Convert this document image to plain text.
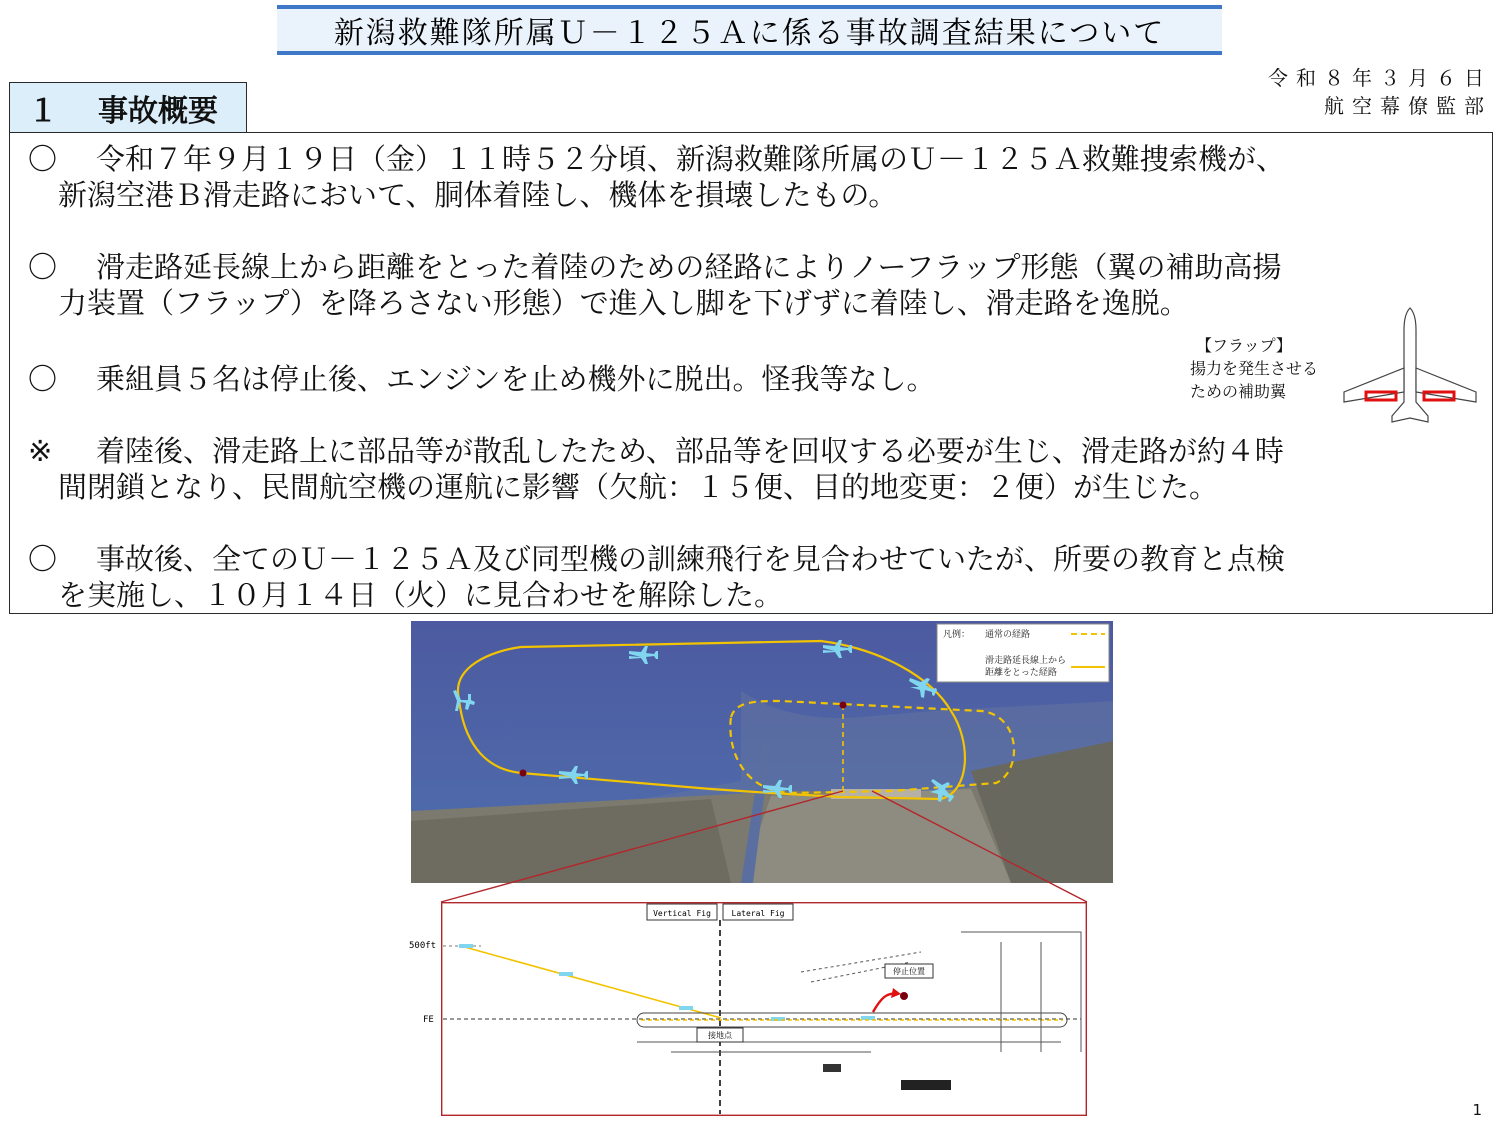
新潟救難隊所属Ｕ－１２５Ａに係る事故調査結果について
令和８年３月６日
航空幕僚監部
１ 事故概要
〇 令和７年９月１９日（金）１１時５２分頃、新潟救難隊所属のＵ－１２５Ａ救難捜索機が、
新潟空港Ｂ滑走路において、胴体着陸し、機体を損壊したもの。
〇 滑走路延長線上から距離をとった着陸のための経路によりノーフラップ形態（翼の補助高揚
力装置（フラップ）を降ろさない形態）で進入し脚を下げずに着陸し、滑走路を逸脱。
〇 乗組員５名は停止後、エンジンを止め機外に脱出。怪我等なし。
※ 着陸後、滑走路上に部品等が散乱したため、部品等を回収する必要が生じ、滑走路が約４時
間閉鎖となり、民間航空機の運航に影響（欠航：１５便、目的地変更：２便）が生じた。
〇 事故後、全てのＵ－１２５Ａ及び同型機の訓練飛行を見合わせていたが、所要の教育と点検
を実施し、１０月１４日（火）に見合わせを解除した。
【フラップ】
揚力を発生させる
ための補助翼
凡例： 通常の経路
滑走路延長線上から
距離をとった経路
Vertical Fig	Lateral Fig
500ft
FE
接地点
停止位置
1
